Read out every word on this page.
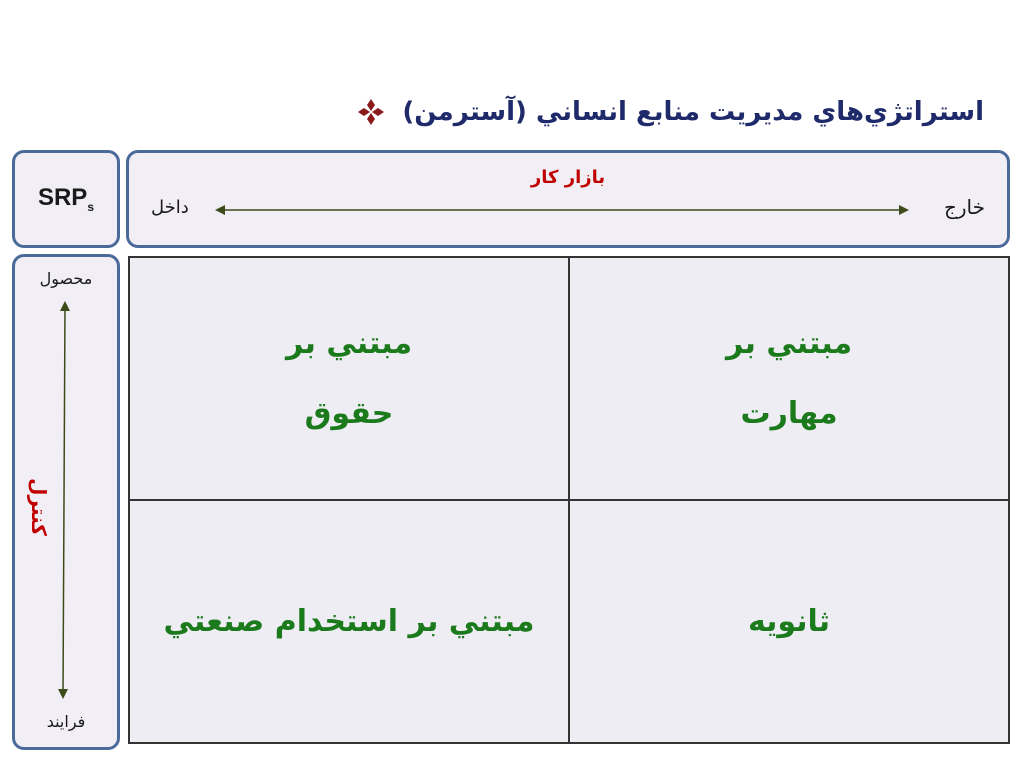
استراتژي‌هاي مديريت منابع انساني (آسترمن)
$SRP_s$
بازار كار
داخل	خارج
محصول
كنترل
فرايند
مبتني بر
حقوق
مبتني بر
مهارت
مبتني بر استخدام صنعتي	ثانويه
